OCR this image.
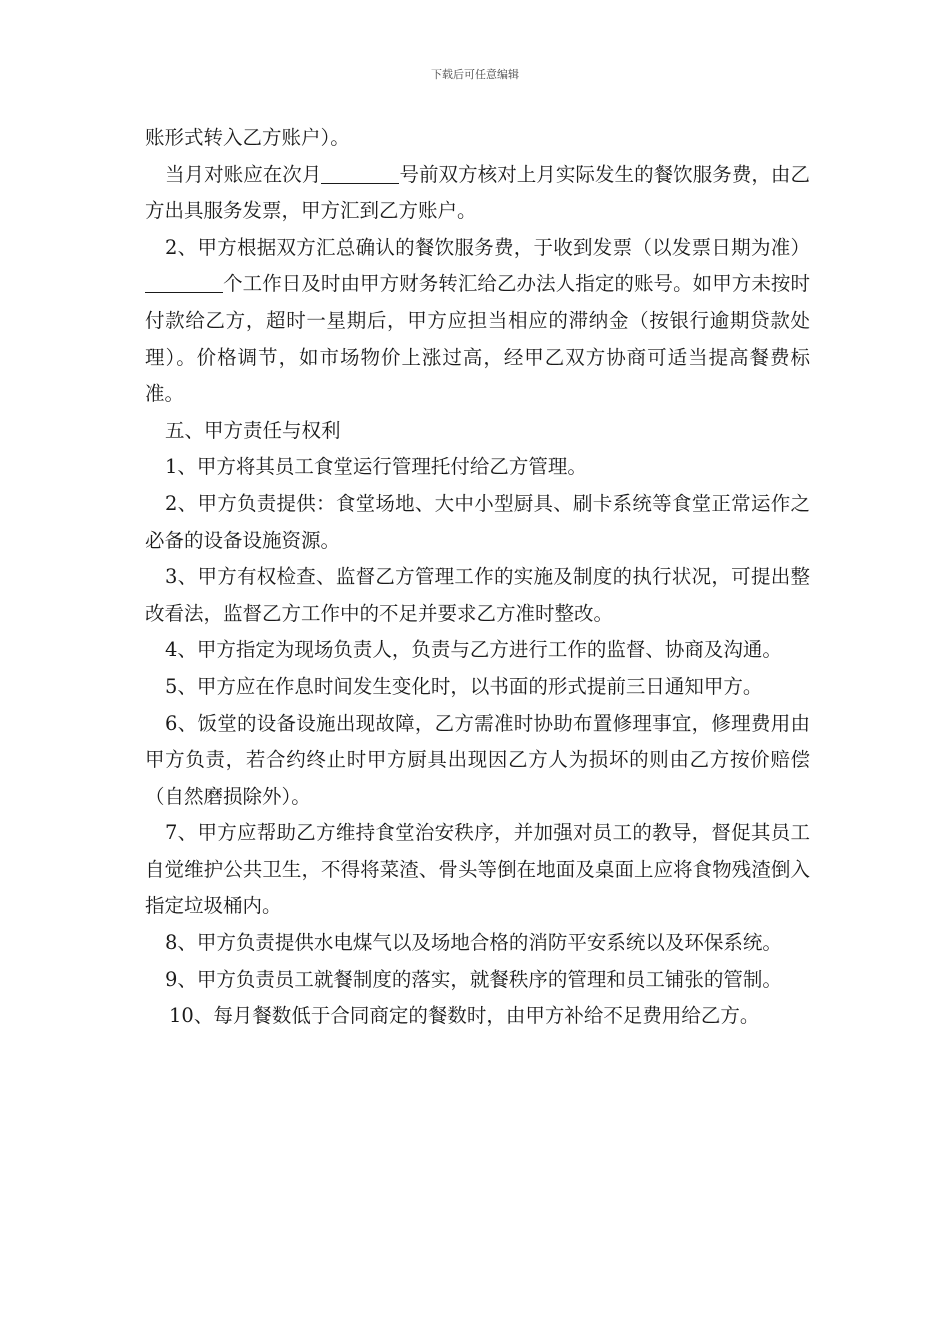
下载后可任意编辑

账形式转入乙方账户）。

当月对账应在次月	号前双方核对上月实际发生的餐饮服务费，由乙方出具服务发票，甲方汇到乙方账户。

2、甲方根据双方汇总确认的餐饮服务费，于收到发票（以发票日期为准）个工作日及时由甲方财务转汇给乙办法人指定的账号。如甲方未按时付款给乙方，超时一星期后，甲方应担当相应的滞纳金（按银行逾期贷款处理）。价格调节，如市场物价上涨过高，经甲乙双方协商可适当提高餐费标准。

五、甲方责任与权利

1、甲方将其员工食堂运行管理托付给乙方管理。

2、甲方负责提供：食堂场地、大中小型厨具、刷卡系统等食堂正常运作之必备的设备设施资源。

3、甲方有权检查、监督乙方管理工作的实施及制度的执行状况，可提出整改看法，监督乙方工作中的不足并要求乙方准时整改。

4、甲方指定为现场负责人，负责与乙方进行工作的监督、协商及沟通。

5、甲方应在作息时间发生变化时，以书面的形式提前三日通知甲方。

6、饭堂的设备设施出现故障，乙方需准时协助布置修理事宜，修理费用由甲方负责，若合约终止时甲方厨具出现因乙方人为损坏的则由乙方按价赔偿（自然磨损除外）。

7、甲方应帮助乙方维持食堂治安秩序，并加强对员工的教导，督促其员工自觉维护公共卫生，不得将菜渣、骨头等倒在地面及桌面上应将食物残渣倒入指定垃圾桶内。

8、甲方负责提供水电煤气以及场地合格的消防平安系统以及环保系统。

9、甲方负责员工就餐制度的落实，就餐秩序的管理和员工铺张的管制。

10、每月餐数低于合同商定的餐数时，由甲方补给不足费用给乙方。
